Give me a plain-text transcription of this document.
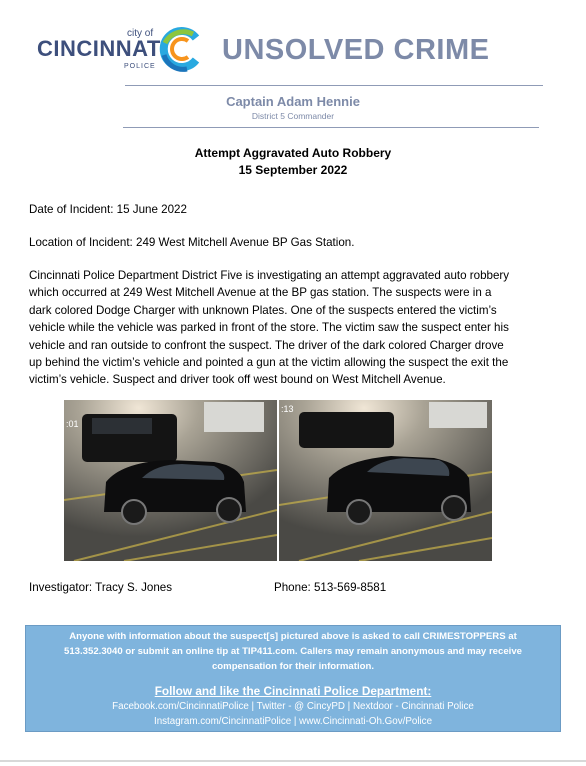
city of
CINCINNATI
POLICE
UNSOLVED CRIME
Captain Adam Hennie
District 5 Commander
Attempt Aggravated Auto Robbery
15 September 2022
Date of Incident: 15 June 2022
Location of Incident: 249 West Mitchell Avenue BP Gas Station.
Cincinnati Police Department District Five is investigating an attempt aggravated auto robbery
which occurred at 249 West Mitchell Avenue at the BP gas station. The suspects were in a
dark colored Dodge Charger with unknown Plates. One of the suspects entered the victim’s
vehicle while the vehicle was parked in front of the store. The victim saw the suspect enter his
vehicle and ran outside to confront the suspect. The driver of the dark colored Charger drove
up behind the victim’s vehicle and pointed a gun at the victim allowing the suspect the exit the
victim’s vehicle. Suspect and driver took off west bound on West Mitchell Avenue.
:01
:13
Investigator: Tracy S. Jones	Phone: 513-569-8581
Anyone with information about the suspect[s] pictured above is asked to call CRIMESTOPPERS at
513.352.3040 or submit an online tip at TIP411.com. Callers may remain anonymous and may receive
compensation for their information.
Follow and like the Cincinnati Police Department:
Facebook.com/CincinnatiPolice | Twitter - @ CincyPD | Nextdoor - Cincinnati Police
Instagram.com/CincinnatiPolice | www.Cincinnati-Oh.Gov/Police
